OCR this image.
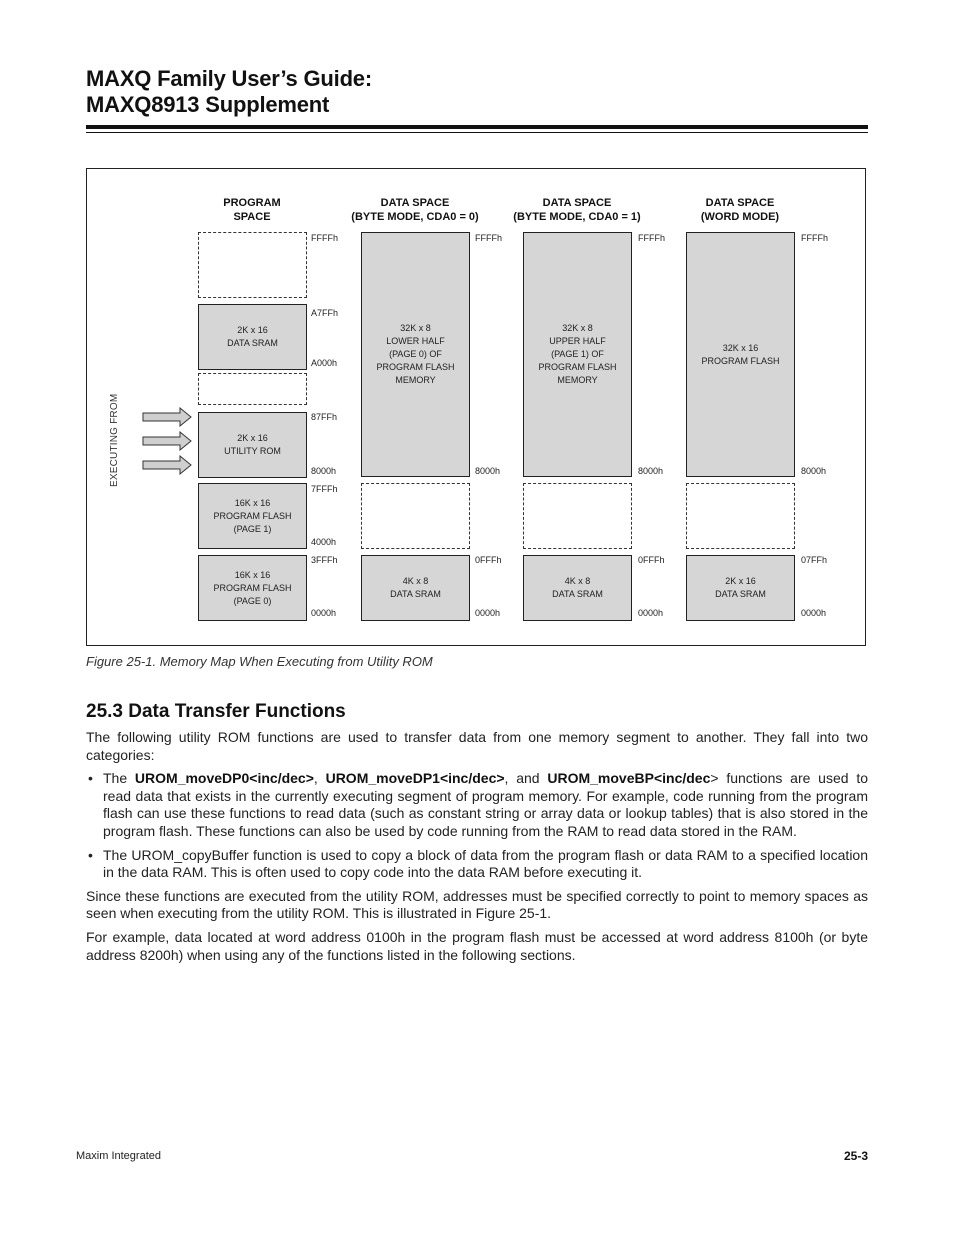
MAXQ Family User’s Guide:
MAXQ8913 Supplement
PROGRAM
SPACE
DATA SPACE
(BYTE MODE, CDA0 = 0)
DATA SPACE
(BYTE MODE, CDA0 = 1)
DATA SPACE
(WORD MODE)
EXECUTING FROM
2K x 16
DATA SRAM
2K x 16
UTILITY ROM
16K x 16
PROGRAM FLASH
(PAGE 1)
16K x 16
PROGRAM FLASH
(PAGE 0)
FFFFh
A7FFh
A000h
87FFh
8000h
7FFFh
4000h
3FFFh
0000h
32K x 8
LOWER HALF
(PAGE 0) OF
PROGRAM FLASH
MEMORY
4K x 8
DATA SRAM
FFFFh
8000h
0FFFh
0000h
32K x 8
UPPER HALF
(PAGE 1) OF
PROGRAM FLASH
MEMORY
4K x 8
DATA SRAM
FFFFh
8000h
0FFFh
0000h
32K x 16
PROGRAM FLASH
2K x 16
DATA SRAM
FFFFh
8000h
07FFh
0000h
Figure 25-1. Memory Map When Executing from Utility ROM
25.3 Data Transfer Functions

The following utility ROM functions are used to transfer data from one memory segment to another. They fall into two categories:

• The UROM_moveDP0<inc/dec>, UROM_moveDP1<inc/dec>, and UROM_moveBP<inc/dec> functions are used to read data that exists in the currently executing segment of program memory. For example, code running from the program flash can use these functions to read data (such as constant string or array data or lookup tables) that is also stored in the program flash. These functions can also be used by code running from the RAM to read data stored in the RAM.
• The UROM_copyBuffer function is used to copy a block of data from the program flash or data RAM to a specified location in the data RAM. This is often used to copy code into the data RAM before executing it.

Since these functions are executed from the utility ROM, addresses must be specified correctly to point to memory spaces as seen when executing from the utility ROM. This is illustrated in Figure 25-1.

For example, data located at word address 0100h in the program flash must be accessed at word address 8100h (or byte address 8200h) when using any of the functions listed in the following sections.

Maxim Integrated	25-3
